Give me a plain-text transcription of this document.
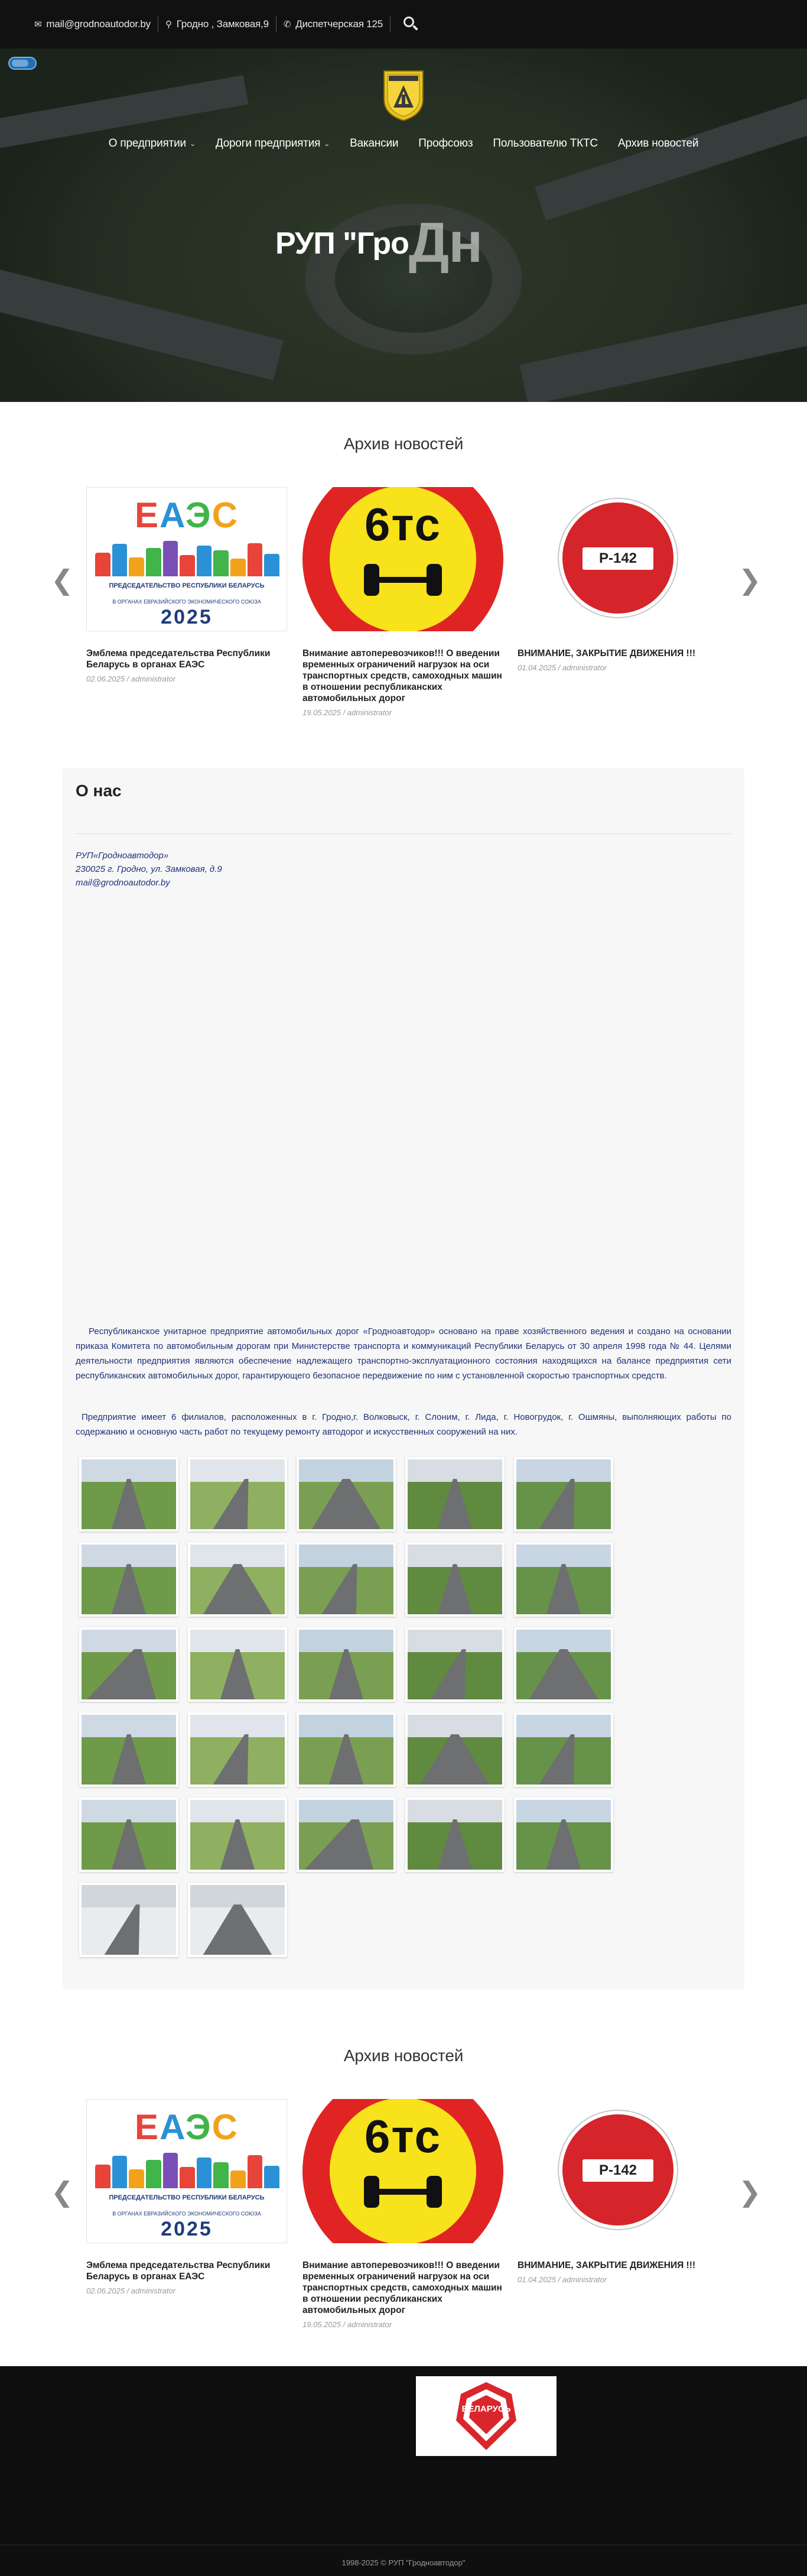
✉ mail@grodnoautodor.by ⚲ Гродно , Замковая,9 ✆ Диспетчерская 125
О предприятии ⌄ Дороги предприятия ⌄ Вакансии Профсоюз Пользователю ТКТС Архив новостей
РУП "ГроДн
Архив новостей
❮	❯
ЕАЭС
ПРЕДСЕДАТЕЛЬСТВО РЕСПУБЛИКИ БЕЛАРУСЬ
В ОРГАНАХ ЕВРАЗИЙСКОГО ЭКОНОМИЧЕСКОГО СОЮЗА
2025
Эмблема председательства Республики Беларусь в органах ЕАЭС
02.06.2025 / administrator
6тс
Внимание автоперевозчиков!!! О введении временных ограничений нагрузок на оси транспортных средств, самоходных машин в отношении республиканских автомобильных дорог
19.05.2025 / administrator
Р-142
ВНИМАНИЕ, ЗАКРЫТИЕ ДВИЖЕНИЯ !!!
01.04.2025 / administrator
О нас
РУП«Гродноавтодор»
230025 г. Гродно, ул. Замковая, д.9
mail@grodnoautodor.by
Республиканское унитарное предприятие автомобильных дорог «Гродноавтодор» основано на праве хозяйственного ведения и создано на основании приказа Комитета по автомобильным дорогам при Министерстве транспорта и коммуникаций Республики Беларусь от 30 апреля 1998 года № 44. Целями деятельности предприятия являются обеспечение надлежащего транспортно-эксплуатационного состояния находящихся на балансе предприятия сети республиканских автомобильных дорог, гарантирующего безопасное передвижение по ним с установленной скоростью транспортных средств.
Предприятие имеет 6 филиалов, расположенных в г. Гродно,г. Волковыск, г. Слоним, г. Лида, г. Новогрудок, г. Ошмяны, выполняющих работы по содержанию и основную часть работ по текущему ремонту автодорог и искусственных сооружений на них.
Архив новостей
❮	❯
ЕАЭС
ПРЕДСЕДАТЕЛЬСТВО РЕСПУБЛИКИ БЕЛАРУСЬ
В ОРГАНАХ ЕВРАЗИЙСКОГО ЭКОНОМИЧЕСКОГО СОЮЗА
2025
Эмблема председательства Республики Беларусь в органах ЕАЭС
02.06.2025 / administrator
6тс
Внимание автоперевозчиков!!! О введении временных ограничений нагрузок на оси транспортных средств, самоходных машин в отношении республиканских автомобильных дорог
19.05.2025 / administrator
Р-142
ВНИМАНИЕ, ЗАКРЫТИЕ ДВИЖЕНИЯ !!!
01.04.2025 / administrator
БЕЛАРУСЬ
1998-2025 © РУП "Гродноавтодор"
